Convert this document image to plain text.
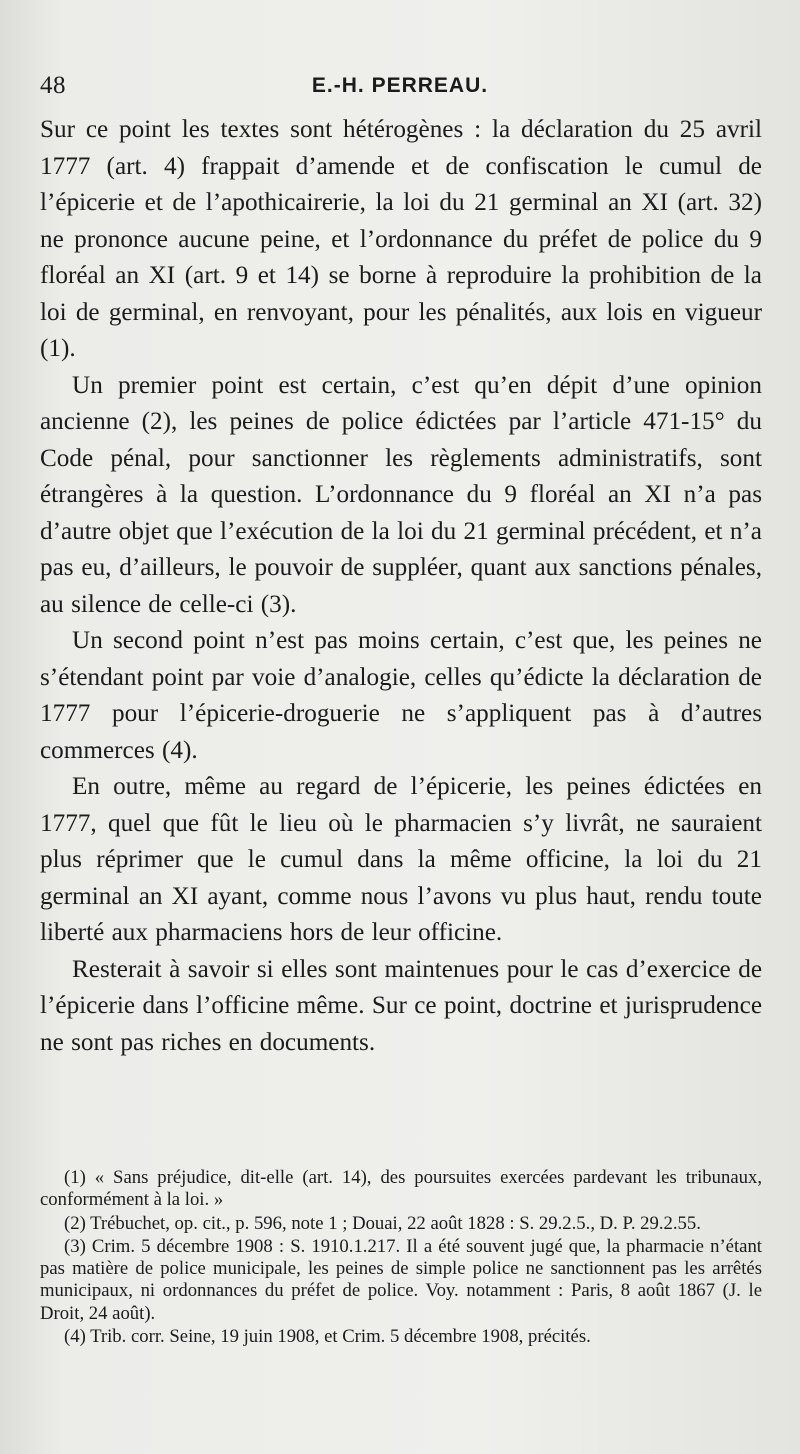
48	E.-H. PERREAU.

Sur ce point les textes sont hétérogènes : la déclaration du 25 avril 1777 (art. 4) frappait d’amende et de confiscation le cumul de l’épicerie et de l’apothicairerie, la loi du 21 germinal an XI (art. 32) ne prononce aucune peine, et l’ordonnance du préfet de police du 9 floréal an XI (art. 9 et 14) se borne à reproduire la prohibition de la loi de germinal, en renvoyant, pour les pénalités, aux lois en vigueur (1).

Un premier point est certain, c’est qu’en dépit d’une opinion ancienne (2), les peines de police édictées par l’article 471-15° du Code pénal, pour sanctionner les règlements administratifs, sont étrangères à la question. L’ordonnance du 9 floréal an XI n’a pas d’autre objet que l’exécution de la loi du 21 germinal précédent, et n’a pas eu, d’ailleurs, le pouvoir de suppléer, quant aux sanctions pénales, au silence de celle-ci (3).

Un second point n’est pas moins certain, c’est que, les peines ne s’étendant point par voie d’analogie, celles qu’édicte la déclaration de 1777 pour l’épicerie-droguerie ne s’appliquent pas à d’autres commerces (4).

En outre, même au regard de l’épicerie, les peines édictées en 1777, quel que fût le lieu où le pharmacien s’y livrât, ne sauraient plus réprimer que le cumul dans la même officine, la loi du 21 germinal an XI ayant, comme nous l’avons vu plus haut, rendu toute liberté aux pharmaciens hors de leur officine.

Resterait à savoir si elles sont maintenues pour le cas d’exercice de l’épicerie dans l’officine même. Sur ce point, doctrine et jurisprudence ne sont pas riches en documents.

(1) « Sans préjudice, dit-elle (art. 14), des poursuites exercées pardevant les tribunaux, conformément à la loi. »

(2) Trébuchet, op. cit., p. 596, note 1 ; Douai, 22 août 1828 : S. 29.2.5., D. P. 29.2.55.

(3) Crim. 5 décembre 1908 : S. 1910.1.217. Il a été souvent jugé que, la pharmacie n’étant pas matière de police municipale, les peines de simple police ne sanctionnent pas les arrêtés municipaux, ni ordonnances du préfet de police. Voy. notamment : Paris, 8 août 1867 (J. le Droit, 24 août).

(4) Trib. corr. Seine, 19 juin 1908, et Crim. 5 décembre 1908, précités.
